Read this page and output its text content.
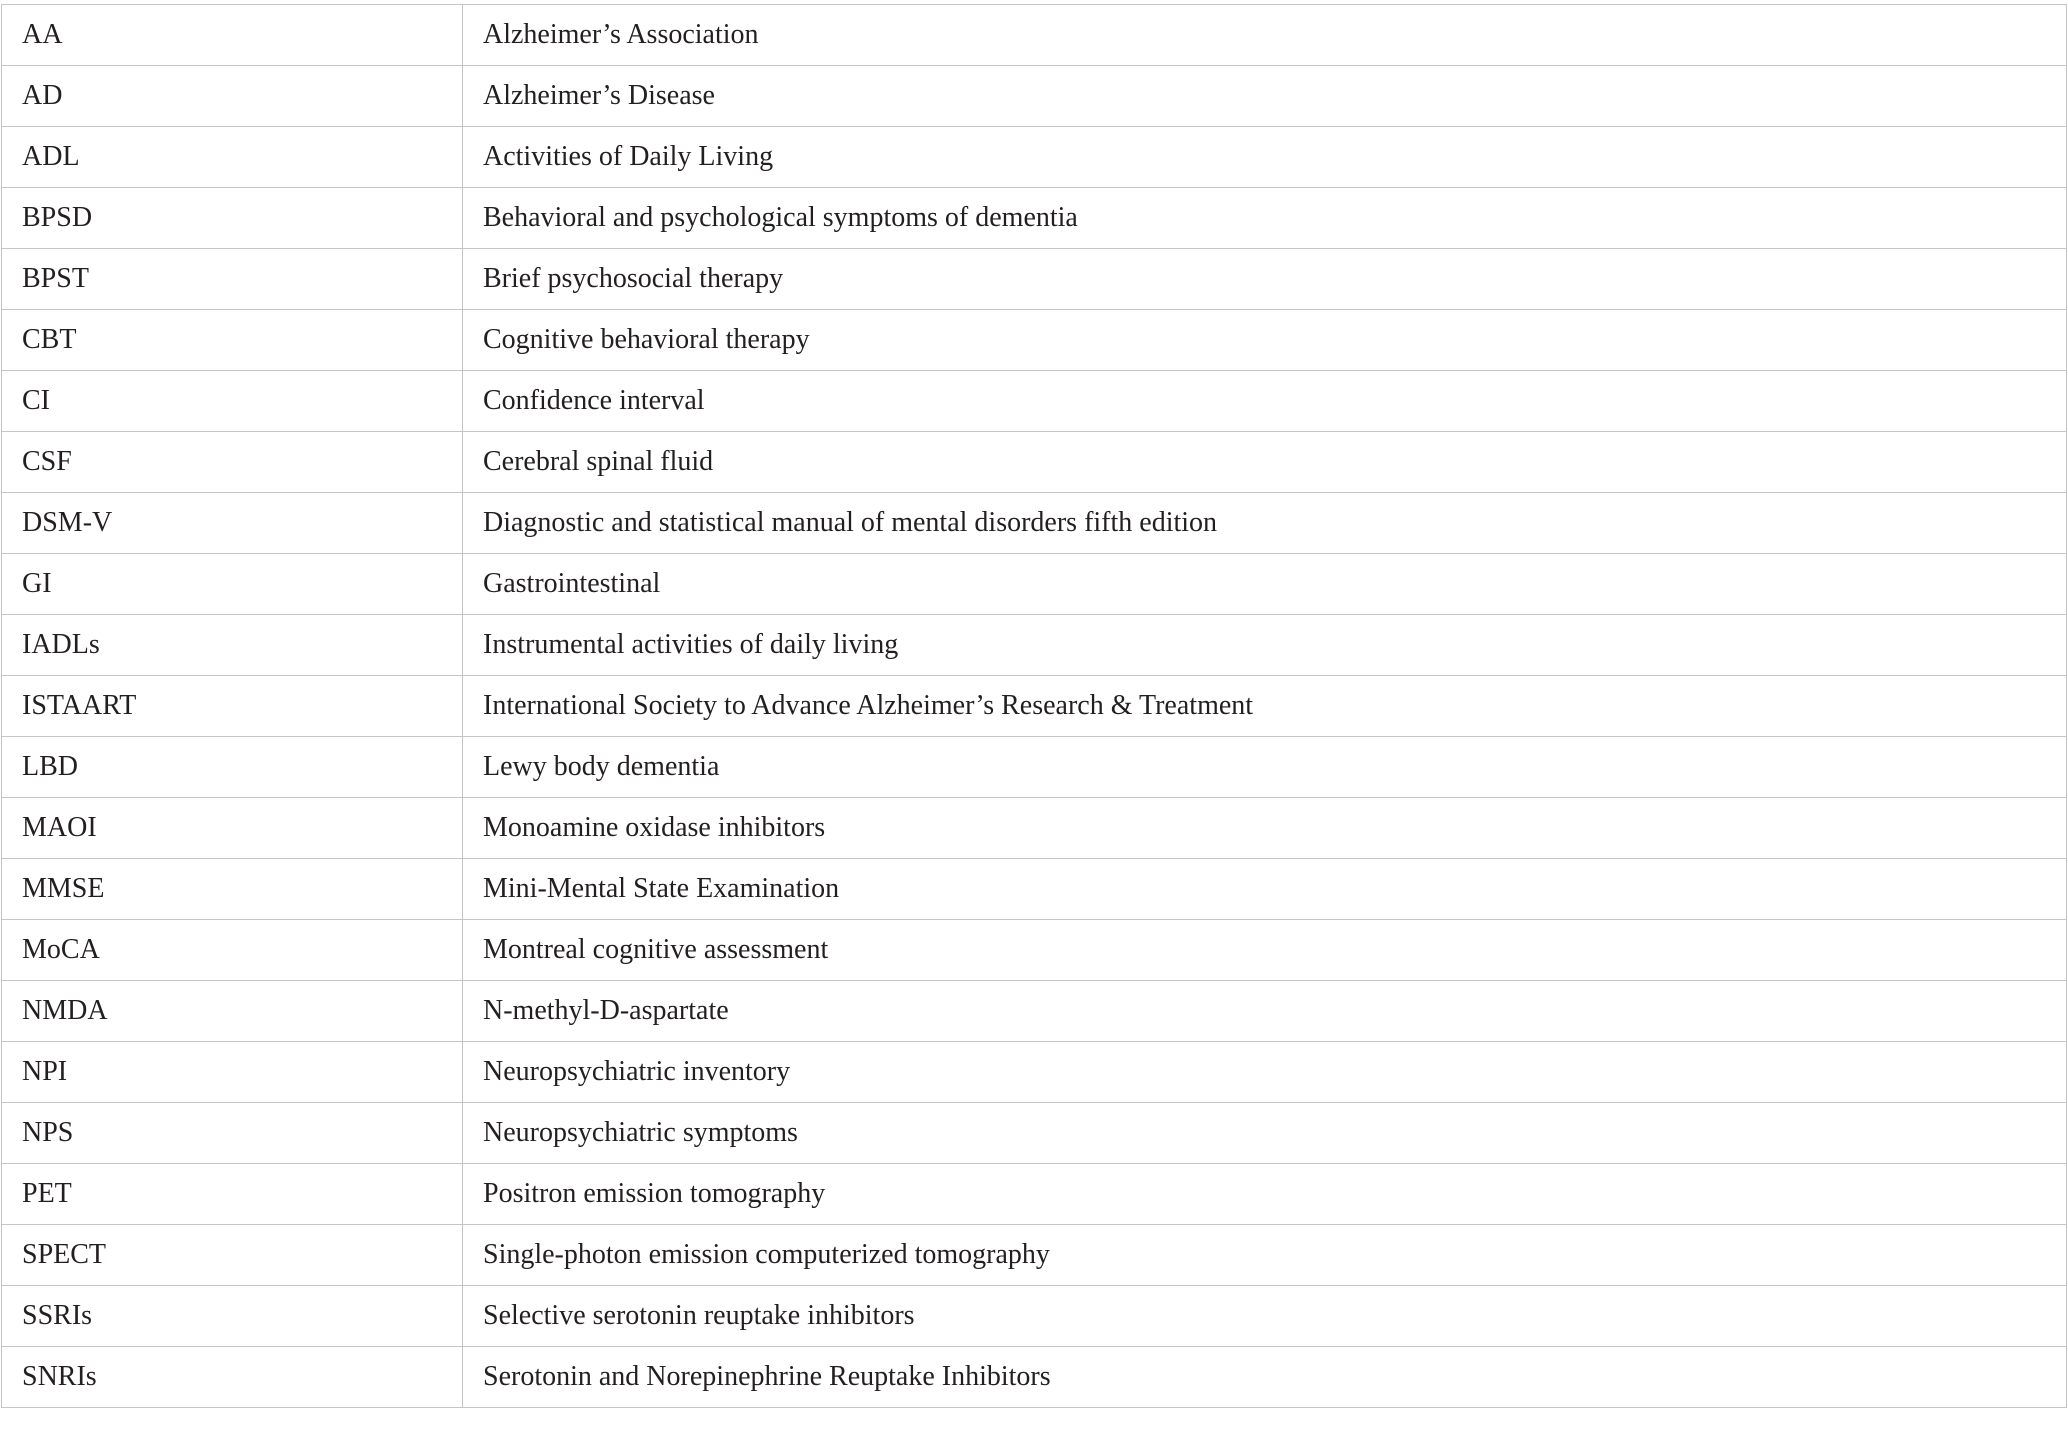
AA	Alzheimer’s Association
AD	Alzheimer’s Disease
ADL	Activities of Daily Living
BPSD	Behavioral and psychological symptoms of dementia
BPST	Brief psychosocial therapy
CBT	Cognitive behavioral therapy
CI	Confidence interval
CSF	Cerebral spinal fluid
DSM-V	Diagnostic and statistical manual of mental disorders fifth edition
GI	Gastrointestinal
IADLs	Instrumental activities of daily living
ISTAART	International Society to Advance Alzheimer’s Research & Treatment
LBD	Lewy body dementia
MAOI	Monoamine oxidase inhibitors
MMSE	Mini-Mental State Examination
MoCA	Montreal cognitive assessment
NMDA	N-methyl-D-aspartate
NPI	Neuropsychiatric inventory
NPS	Neuropsychiatric symptoms
PET	Positron emission tomography
SPECT	Single-photon emission computerized tomography
SSRIs	Selective serotonin reuptake inhibitors
SNRIs	Serotonin and Norepinephrine Reuptake Inhibitors
